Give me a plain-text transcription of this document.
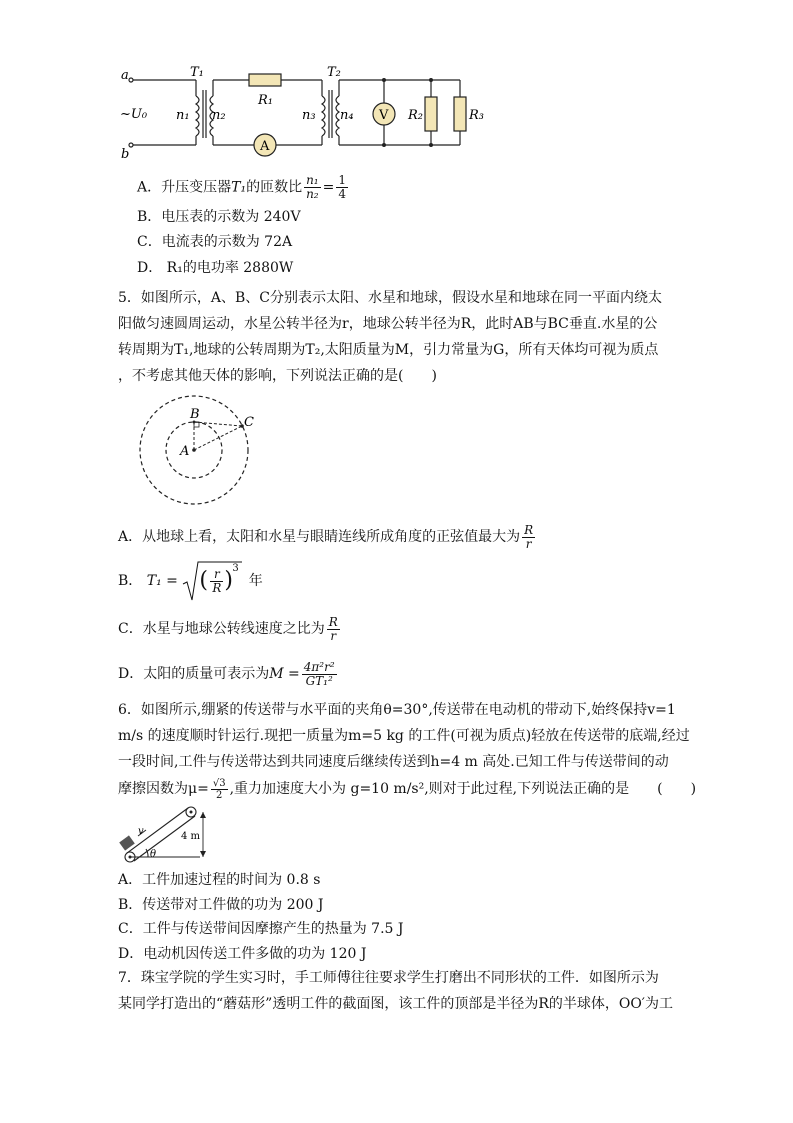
a
b
~U₀
T₁	T₂
n₁ n₂	n₃ n₄
R₁
R₂	R₃
V
A
A．升压变压器T₁的匝数比 $\frac{\text{n₁}}{\text{n₂}} = \frac{1}{4}$
B．电压表的示数为 240V
C．电流表的示数为 72A
D． R₁的电功率 2880W
5．如图所示，A、B、C分别表示太阳、水星和地球，假设水星和地球在同一平面内绕太
阳做匀速圆周运动，水星公转半径为r，地球公转半径为R，此时AB与BC垂直.水星的公
转周期为T₁,地球的公转周期为T₂,太阳质量为M，引力常量为G，所有天体均可视为质点
，不考虑其他天体的影响，下列说法正确的是(　　)
A
B
C
A．从地球上看，太阳和水星与眼睛连线所成角度的正弦值最大为 $\frac{R}{r}$
B． T₁ = ( $\frac{r}{R}$ ) 3
年
C．水星与地球公转线速度之比为 $\frac{R}{r}$
D．太阳的质量可表示为$M = \frac{\text{4π²r²}}{\text{GT₁²}}$
6．如图所示,绷紧的传送带与水平面的夹角θ=30°,传送带在电动机的带动下,始终保持v=1
m/s 的速度顺时针运行.现把一质量为m=5 kg 的工件(可视为质点)轻放在传送带的底端,经过
一段时间,工件与传送带达到共同速度后继续传送到h=4 m 高处.已知工件与传送带间的动
摩擦因数为$\mu= \frac{√3}{2}$ ,重力加速度大小为 g=10 m/s²,则对于此过程,下列说法正确的是　　(　　)
v	4 m
θ
A．工件加速过程的时间为 0.8 s
B．传送带对工件做的功为 200 J
C．工件与传送带间因摩擦产生的热量为 7.5 J
D．电动机因传送工件多做的功为 120 J
7．珠宝学院的学生实习时，手工师傅往往要求学生打磨出不同形状的工件．如图所示为
某同学打造出的“蘑菇形”透明工件的截面图，该工件的顶部是半径为R的半球体，OO′为工
